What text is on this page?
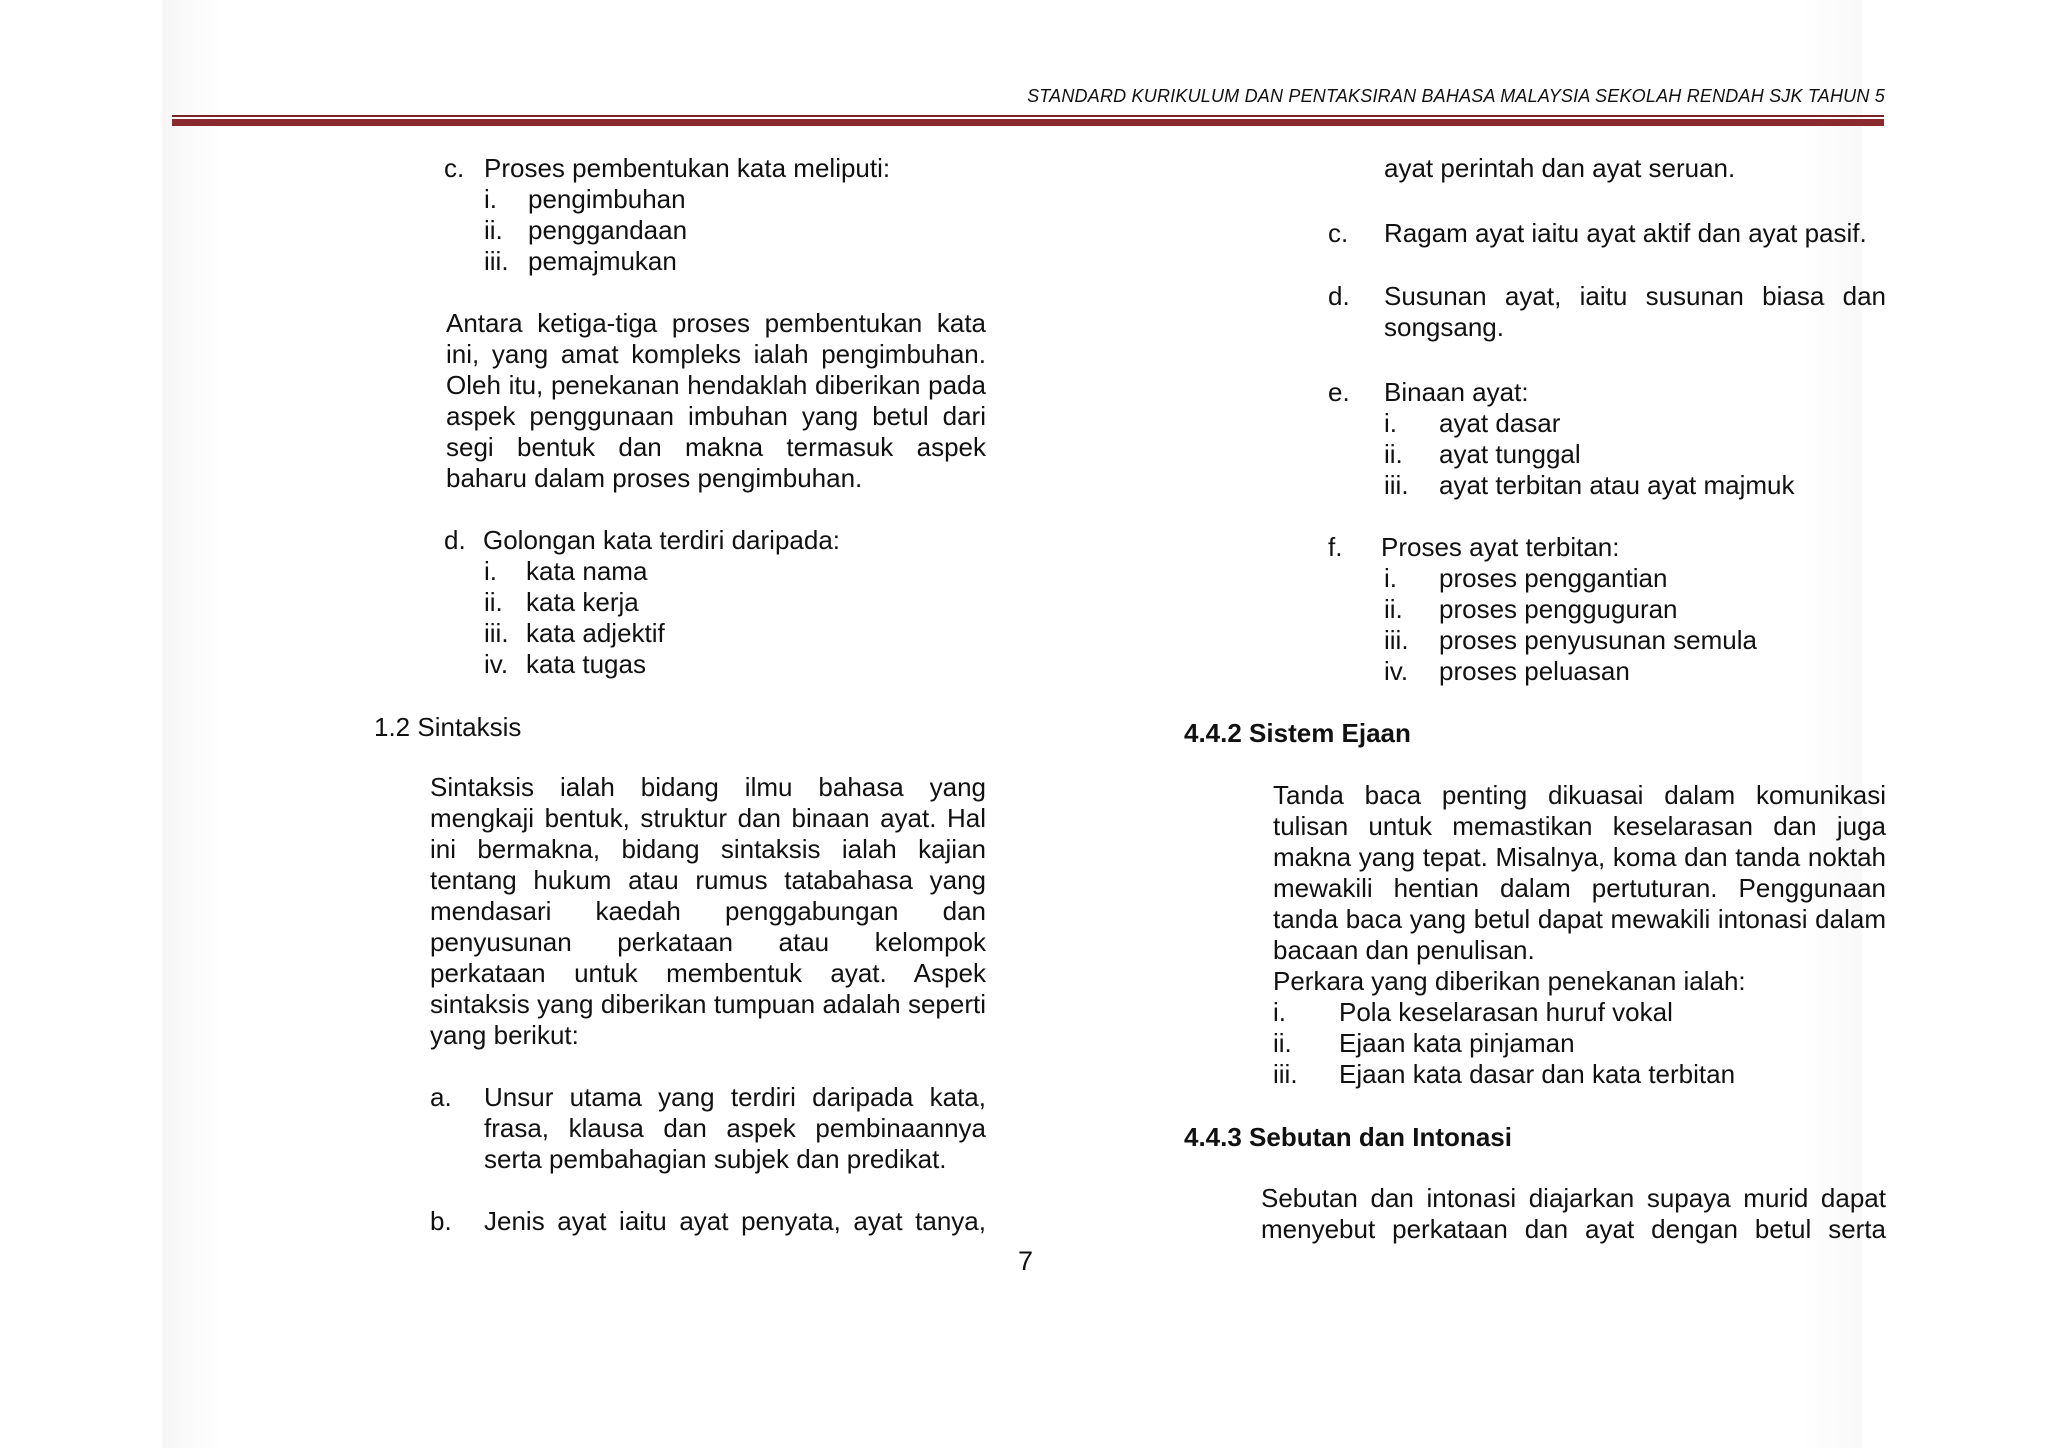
STANDARD KURIKULUM DAN PENTAKSIRAN BAHASA MALAYSIA SEKOLAH RENDAH SJK TAHUN 5
c. Proses pembentukan kata meliputi:
i.	pengimbuhan
ii. penggandaan
iii. pemajmukan
Antara ketiga-tiga proses pembentukan kata ini, yang amat kompleks ialah pengimbuhan. Oleh itu, penekanan hendaklah diberikan pada aspek penggunaan imbuhan yang betul dari segi bentuk dan makna termasuk aspek baharu dalam proses pengimbuhan.
d. Golongan kata terdiri daripada:
i.	kata nama
ii. kata kerja
iii. kata adjektif
iv. kata tugas
1.2 Sintaksis
Sintaksis ialah bidang ilmu bahasa yang mengkaji bentuk, struktur dan binaan ayat. Hal ini bermakna, bidang sintaksis ialah kajian tentang hukum atau rumus tatabahasa yang mendasari kaedah penggabungan dan penyusunan perkataan atau kelompok perkataan untuk membentuk ayat. Aspek sintaksis yang diberikan tumpuan adalah seperti yang berikut:
a.	Unsur utama yang terdiri daripada kata, frasa, klausa dan aspek pembinaannya serta pembahagian subjek dan predikat.
b.	Jenis ayat iaitu ayat penyata, ayat tanya,
7
ayat perintah dan ayat seruan.
c.	Ragam ayat iaitu ayat aktif dan ayat pasif.
d.	Susunan ayat, iaitu susunan biasa dan songsang.
e.	Binaan ayat:
i.	ayat dasar
ii.	ayat tunggal
iii.	ayat terbitan atau ayat majmuk
f.	Proses ayat terbitan:
i.	proses penggantian
ii.	proses pengguguran
iii.	proses penyusunan semula
iv.	proses peluasan
4.4.2 Sistem Ejaan
Tanda baca penting dikuasai dalam komunikasi tulisan untuk memastikan keselarasan dan juga makna yang tepat. Misalnya, koma dan tanda noktah mewakili hentian dalam pertuturan. Penggunaan tanda baca yang betul dapat mewakili intonasi dalam bacaan dan penulisan.
Perkara yang diberikan penekanan ialah:
i.	Pola keselarasan huruf vokal
ii.	Ejaan kata pinjaman
iii.	Ejaan kata dasar dan kata terbitan
4.4.3 Sebutan dan Intonasi
Sebutan dan intonasi diajarkan supaya murid dapat menyebut perkataan dan ayat dengan betul serta
